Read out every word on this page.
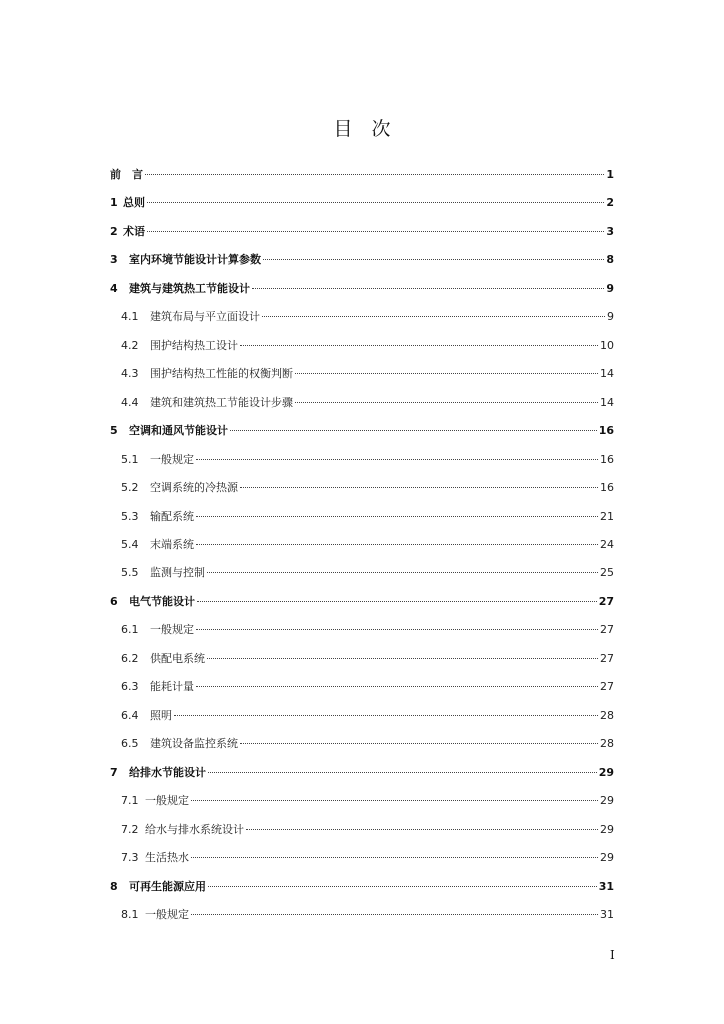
目　次
前　言	1
1 总则	2
2 术语	3
3	室内环境节能设计计算参数	8
4	建筑与建筑热工节能设计	9
4.1	建筑布局与平立面设计	9
4.2	围护结构热工设计	10
4.3	围护结构热工性能的权衡判断	14
4.4	建筑和建筑热工节能设计步骤	14
5	空调和通风节能设计	16
5.1	一般规定	16
5.2	空调系统的冷热源	16
5.3	输配系统	21
5.4	末端系统	24
5.5	监测与控制	25
6	电气节能设计	27
6.1	一般规定	27
6.2	供配电系统	27
6.3	能耗计量	27
6.4	照明	28
6.5	建筑设备监控系统	28
7	给排水节能设计	29
7.1 一般规定	29
7.2 给水与排水系统设计	29
7.3 生活热水	29
8	可再生能源应用	31
8.1 一般规定	31
I
